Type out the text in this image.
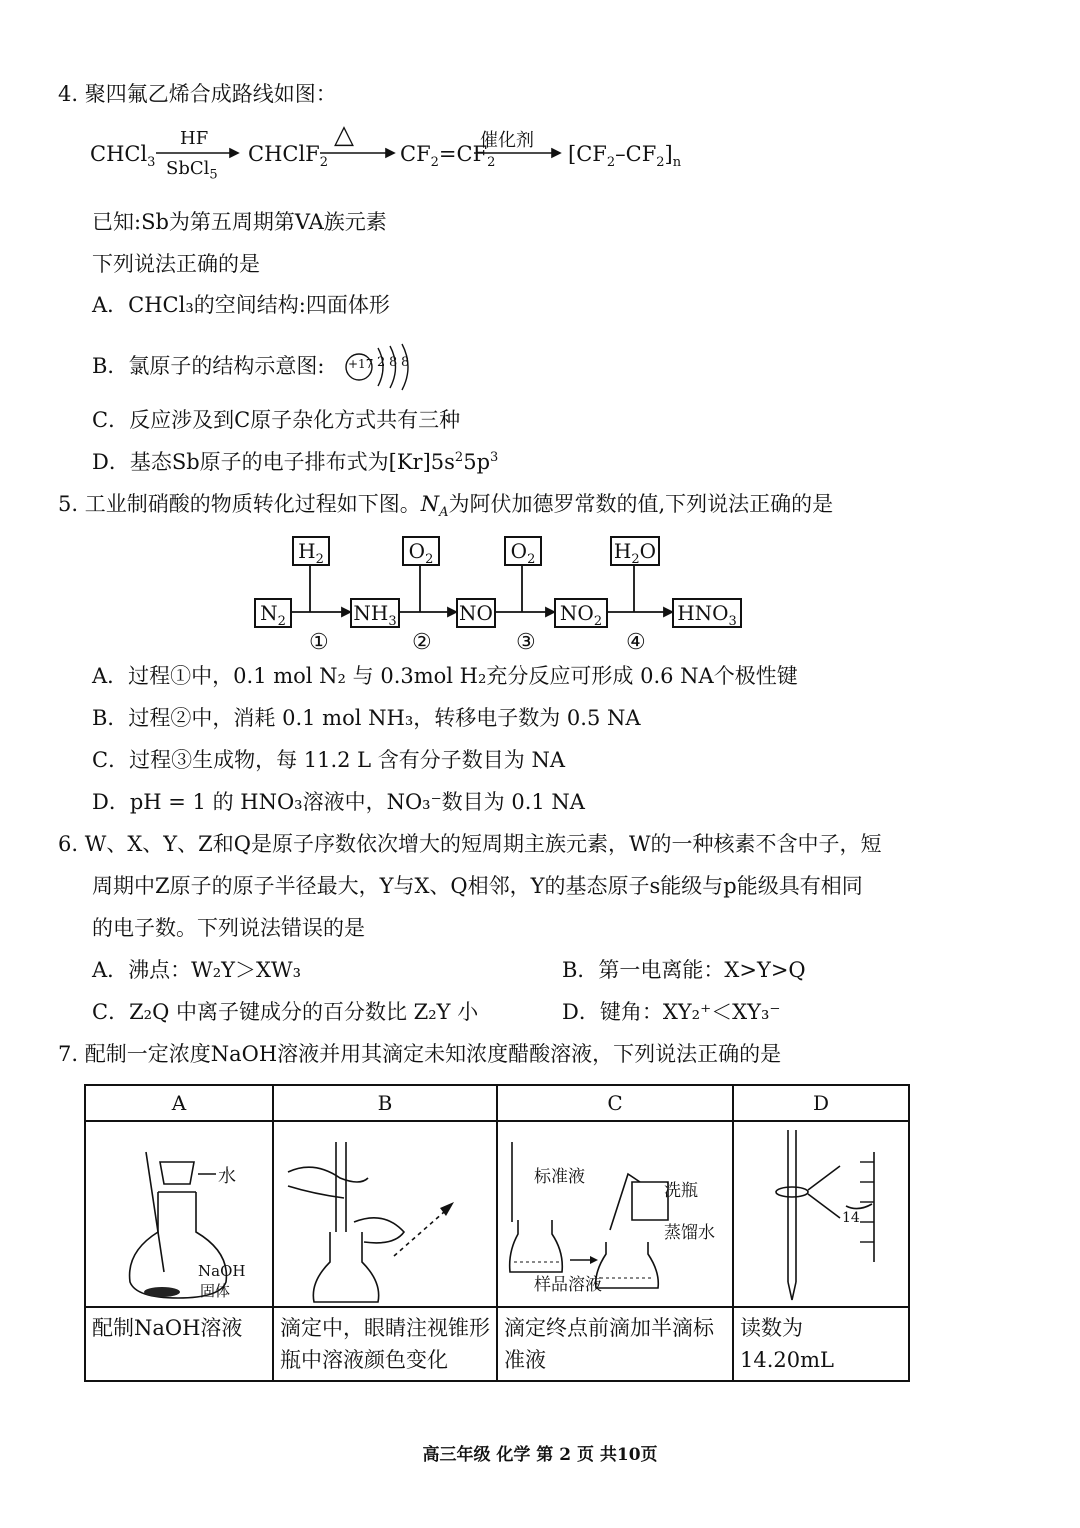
4. 聚四氟乙烯合成路线如图：
CHCl$_3$
HF
SbCl$_5$
CHClF$_2$
△
$CF_2=CF_2$
催化剂
$[CF_2-CF_2]_n$
已知:Sb为第五周期第VA族元素
下列说法正确的是
A．CHCl₃的空间结构:四面体形
B．氯原子的结构示意图: +17 2 8 8
C．反应涉及到C原子杂化方式共有三种
D．基态Sb原子的电子排布式为$[Kr]5s^25p^3$
5. 工业制硝酸的物质转化过程如下图。$N_A$为阿伏加德罗常数的值,下列说法正确的是
$H_2$	$O_2$	$O_2$	$H_2O$
$N_2$	$NH_3$	NO	$NO_2$	$HNO_3$
①	②	③	④
A．过程①中，0.1 mol N₂ 与 0.3mol H₂充分反应可形成 0.6 NA个极性键
B．过程②中，消耗 0.1 mol NH₃，转移电子数为 0.5 NA
C．过程③生成物，每 11.2 L 含有分子数目为 NA
D．pH = 1 的 HNO₃溶液中，NO₃⁻数目为 0.1 NA
6. W、X、Y、Z和Q是原子序数依次增大的短周期主族元素，W的一种核素不含中子，短
周期中Z原子的原子半径最大，Y与X、Q相邻，Y的基态原子s能级与p能级具有相同
的电子数。下列说法错误的是
A．沸点：W₂Y＞XW₃	B．第一电离能：X>Y>Q
C．Z₂Q 中离子键成分的百分数比 Z₂Y 小	D．键角：XY₂⁺＜XY₃⁻
7. 配制一定浓度NaOH溶液并用其滴定未知浓度醋酸溶液，下列说法正确的是
A	B	C	D

水
NaOH
固体		标准液
洗瓶
蒸馏水
样品溶液	14

配制NaOH溶液	滴定中，眼睛注视锥形瓶中溶液颜色变化	滴定终点前滴加半滴标准液	读数为 14.20mL
高三年级 化学 第 2 页 共10页
